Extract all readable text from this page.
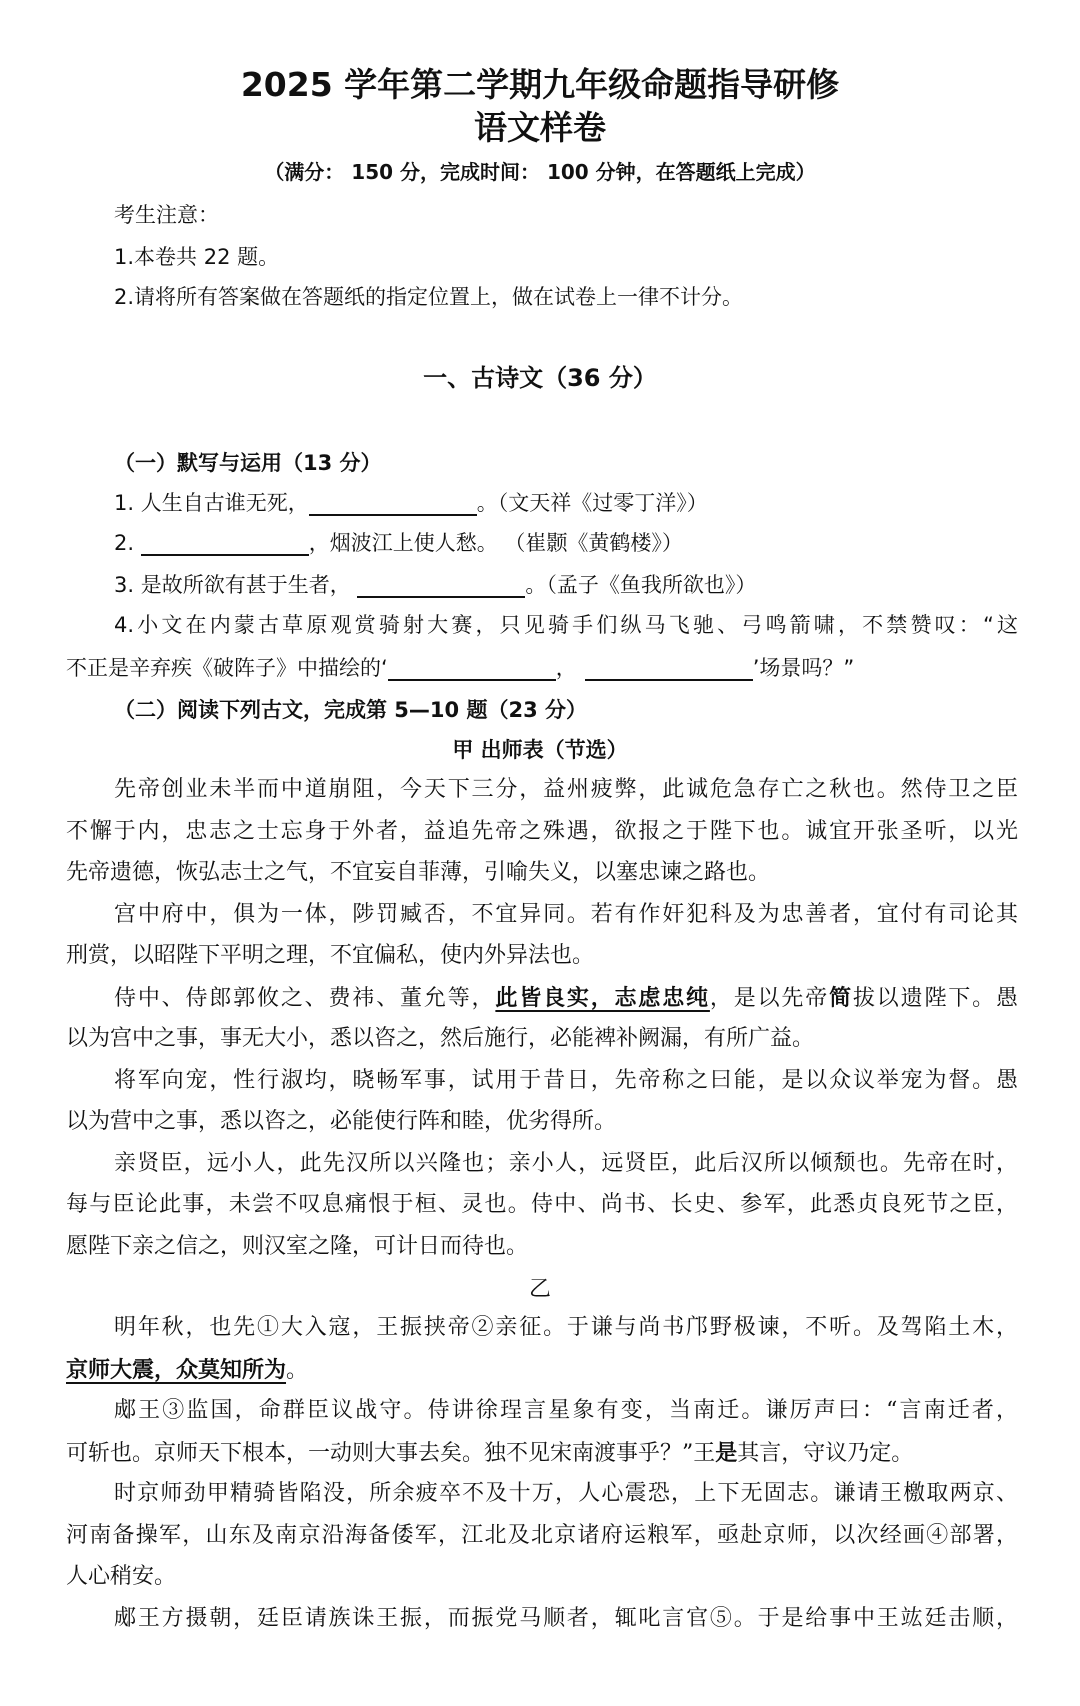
2025 学年第二学期九年级命题指导研修
语文样卷
（满分： 150 分，完成时间： 100 分钟，在答题纸上完成）
考生注意：
1.本卷共 22 题。
2.请将所有答案做在答题纸的指定位置上，做在试卷上一律不计分。
一、古诗文（36 分）
（一）默写与运用（13 分）
1. 人生自古谁无死，	。（文天祥《过零丁洋》）
2.	，烟波江上使人愁。 （崔颢《黄鹤楼》）
3. 是故所欲有甚于生者，	。（孟子《鱼我所欲也》）
4.小文在内蒙古草原观赏骑射大赛，只见骑手们纵马飞驰、弓鸣箭啸，不禁赞叹：“这
不正是辛弃疾《破阵子》中描绘的‘	，	’场景吗？”
（二）阅读下列古文，完成第 5—10 题（23 分）
甲 出师表（节选）
先帝创业未半而中道崩阻，今天下三分，益州疲弊，此诚危急存亡之秋也。然侍卫之臣
不懈于内，忠志之士忘身于外者，益追先帝之殊遇，欲报之于陛下也。诚宜开张圣听，以光
先帝遗德，恢弘志士之气，不宜妄自菲薄，引喻失义，以塞忠谏之路也。
宫中府中，俱为一体，陟罚臧否，不宜异同。若有作奸犯科及为忠善者，宜付有司论其
刑赏，以昭陛下平明之理，不宜偏私，使内外异法也。
侍中、侍郎郭攸之、费祎、董允等，此皆良实，志虑忠纯，是以先帝简拔以遗陛下。愚
以为宫中之事，事无大小，悉以咨之，然后施行，必能裨补阙漏，有所广益。
将军向宠，性行淑均，晓畅军事，试用于昔日，先帝称之曰能，是以众议举宠为督。愚
以为营中之事，悉以咨之，必能使行阵和睦，优劣得所。
亲贤臣，远小人，此先汉所以兴隆也；亲小人，远贤臣，此后汉所以倾颓也。先帝在时，
每与臣论此事，未尝不叹息痛恨于桓、灵也。侍中、尚书、长史、参军，此悉贞良死节之臣，
愿陛下亲之信之，则汉室之隆，可计日而待也。
乙
明年秋，也先①大入寇，王振挟帝②亲征。于谦与尚书邝野极谏，不听。及驾陷土木，
京师大震，众莫知所为。
郕王③监国，命群臣议战守。侍讲徐珵言星象有变，当南迁。谦厉声曰：“言南迁者，
可斩也。京师天下根本，一动则大事去矣。独不见宋南渡事乎？”王是其言，守议乃定。
时京师劲甲精骑皆陷没，所余疲卒不及十万，人心震恐，上下无固志。谦请王檄取两京、
河南备操军，山东及南京沿海备倭军，江北及北京诸府运粮军，亟赴京师，以次经画④部署，
人心稍安。
郕王方摄朝，廷臣请族诛王振，而振党马顺者，辄叱言官⑤。于是给事中王竑廷击顺，
